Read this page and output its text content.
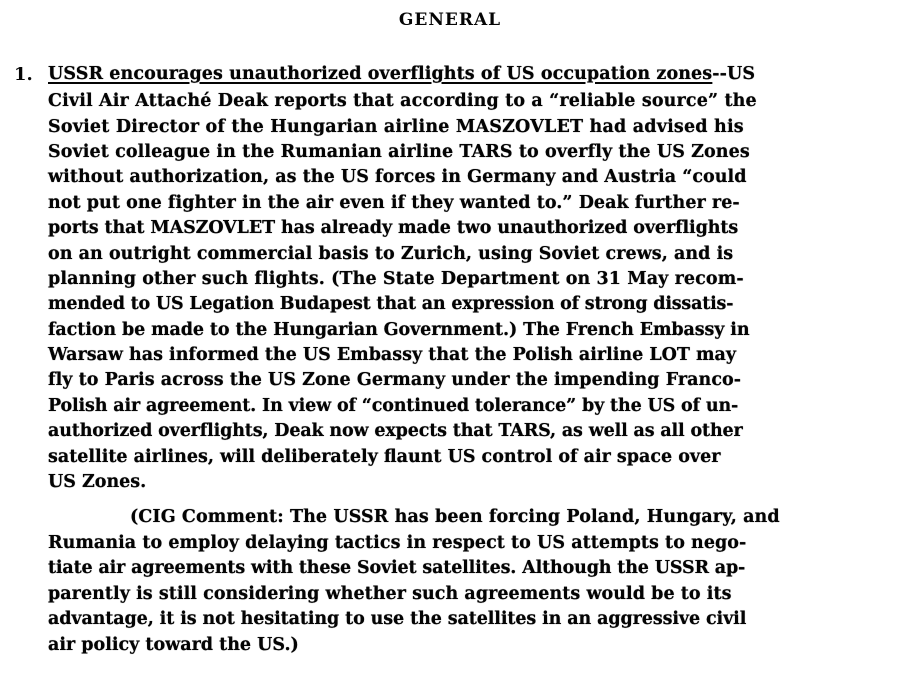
GENERAL
1. USSR encourages unauthorized overflights of US occupation zones--US
Civil Air Attaché Deak reports that according to a “reliable source” the
Soviet Director of the Hungarian airline MASZOVLET had advised his
Soviet colleague in the Rumanian airline TARS to overfly the US Zones
without authorization, as the US forces in Germany and Austria “could
not put one fighter in the air even if they wanted to.” Deak further re-
ports that MASZOVLET has already made two unauthorized overflights
on an outright commercial basis to Zurich, using Soviet crews, and is
planning other such flights. (The State Department on 31 May recom-
mended to US Legation Budapest that an expression of strong dissatis-
faction be made to the Hungarian Government.) The French Embassy in
Warsaw has informed the US Embassy that the Polish airline LOT may
fly to Paris across the US Zone Germany under the impending Franco-
Polish air agreement. In view of “continued tolerance” by the US of un-
authorized overflights, Deak now expects that TARS, as well as all other
satellite airlines, will deliberately flaunt US control of air space over
US Zones.
(CIG Comment: The USSR has been forcing Poland, Hungary, and
Rumania to employ delaying tactics in respect to US attempts to nego-
tiate air agreements with these Soviet satellites. Although the USSR ap-
parently is still considering whether such agreements would be to its
advantage, it is not hesitating to use the satellites in an aggressive civil
air policy toward the US.)
